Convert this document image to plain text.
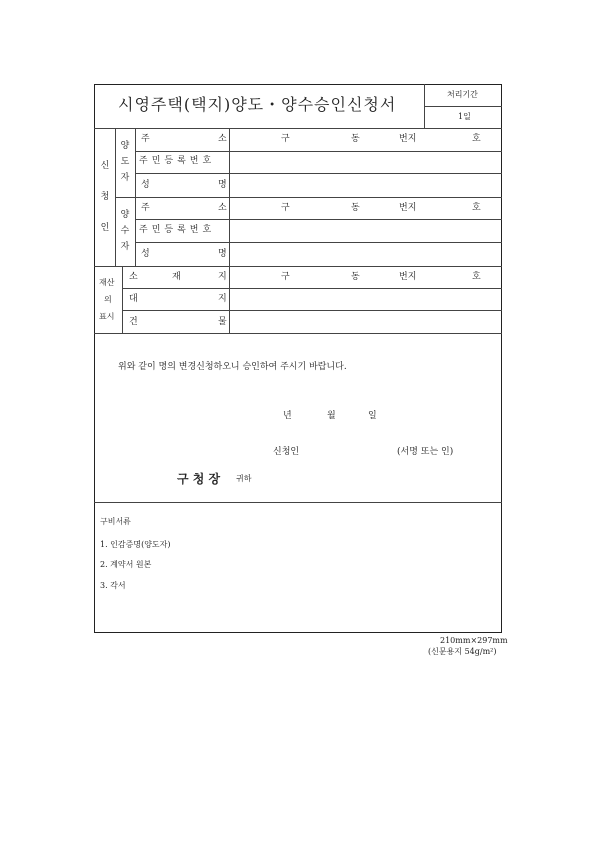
시영주택(택지)양도・양수승인신청서
처리기간
1일
신
청
인
양
도
자
주	소	구	동	번지	호
주민등록번호
성	명
양
수
자
주	소	구	동	번지	호
주민등록번호
성	명
재산
의
표시
소	재	지	구	동	번지	호
대	지
건	물
위와 같이 명의 변경신청하오니 승인하여 주시기 바랍니다.
년	월	일
신청인	(서명 또는 인)
구 청 장 귀하
구비서류
1. 인감증명(양도자)
2. 계약서 원본
3. 각서
210mm×297mm
(신문용지 54g/m²)
